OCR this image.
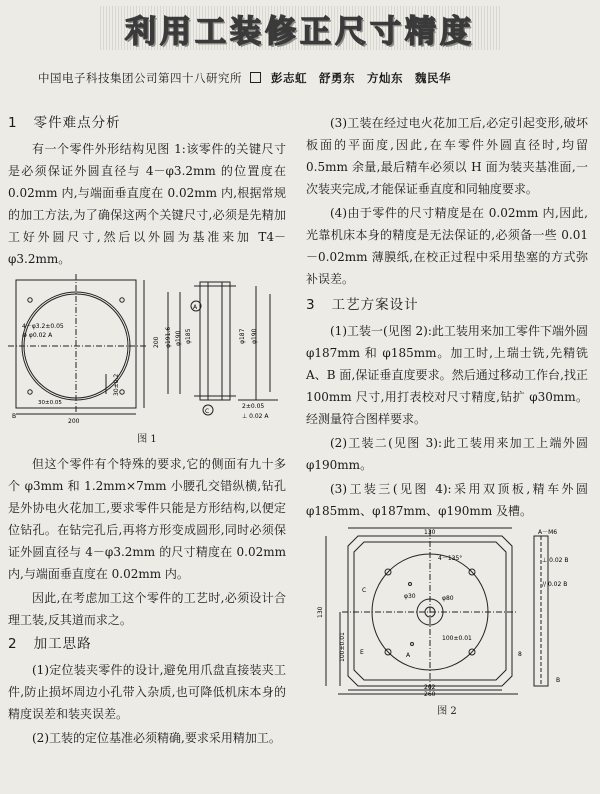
利用工装修正尺寸精度
中国电子科技集团公司第四十八研究所	彭志虹 舒勇东 方灿东 魏民华
1 零件难点分析

有一个零件外形结构见图 1:该零件的关键尺寸是必须保证外圆直径与 4－φ3.2mm 的位置度在 0.02mm 内,与端面垂直度在 0.02mm 内,根据常规的加工方法,为了确保这两个关键尺寸,必须是先精加工好外圆尺寸,然后以外圆为基准来加 T4－φ3.2mm。

4－φ3.2±0.05
⊕ φ0.02 A
30±0.05
200
30±0.2
200 φ191.6 φ190 φ185	φ187 φ190
2±0.05
⊥ 0.02 A
A
C
B
图 1

但这个零件有个特殊的要求,它的侧面有九十多个 φ3mm 和 1.2mm×7mm 小腰孔交错纵横,钻孔是外协电火花加工,要求零件只能是方形结构,以便定位钻孔。在钻完孔后,再将方形变成圆形,同时必须保证外圆直径与 4－φ3.2mm 的尺寸精度在 0.02mm 内,与端面垂直度在 0.02mm 内。

因此,在考虑加工这个零件的工艺时,必须设计合理工装,反其道而求之。

2 加工思路

(1)定位装夹零件的设计,避免用爪盘直接装夹工件,防止损坏周边小孔带入杂质,也可降低机床本身的精度误差和装夹误差。

(2)工装的定位基准必须精确,要求采用精加工。

(3)工装在经过电火花加工后,必定引起变形,破坏板面的平面度,因此,在车零件外圆直径时,均留 0.5mm 余量,最后精车必须以 H 面为装夹基准面,一次装夹完成,才能保证垂直度和同轴度要求。

(4)由于零件的尺寸精度是在 0.02mm 内,因此,光靠机床本身的精度是无法保证的,必须备一些 0.01－0.02mm 薄膜纸,在校正过程中采用垫塞的方式弥补误差。

3 工艺方案设计

(1)工装一(见图 2):此工装用来加工零件下端外圆 φ187mm 和 φ185mm。加工时,上瑞士铣,先精铣 A、B 面,保证垂直度要求。然后通过移动工作台,找正 100mm 尺寸,用打表校对尺寸精度,钻扩 φ30mm。经测量符合图样要求。

(2)工装二(见图 3):此工装用来加工上端外圆 φ190mm。

(3)工装三(见图 4):采用双顶板,精车外圆 φ185mm、φ187mm、φ190mm 及槽。

130
130
4－135°
φ80
φ30
100±0.01
100±0.01
202
260
A－M6
⊥ 0.02 B
// 0.02 B
8
A
C
E
B
图 2
